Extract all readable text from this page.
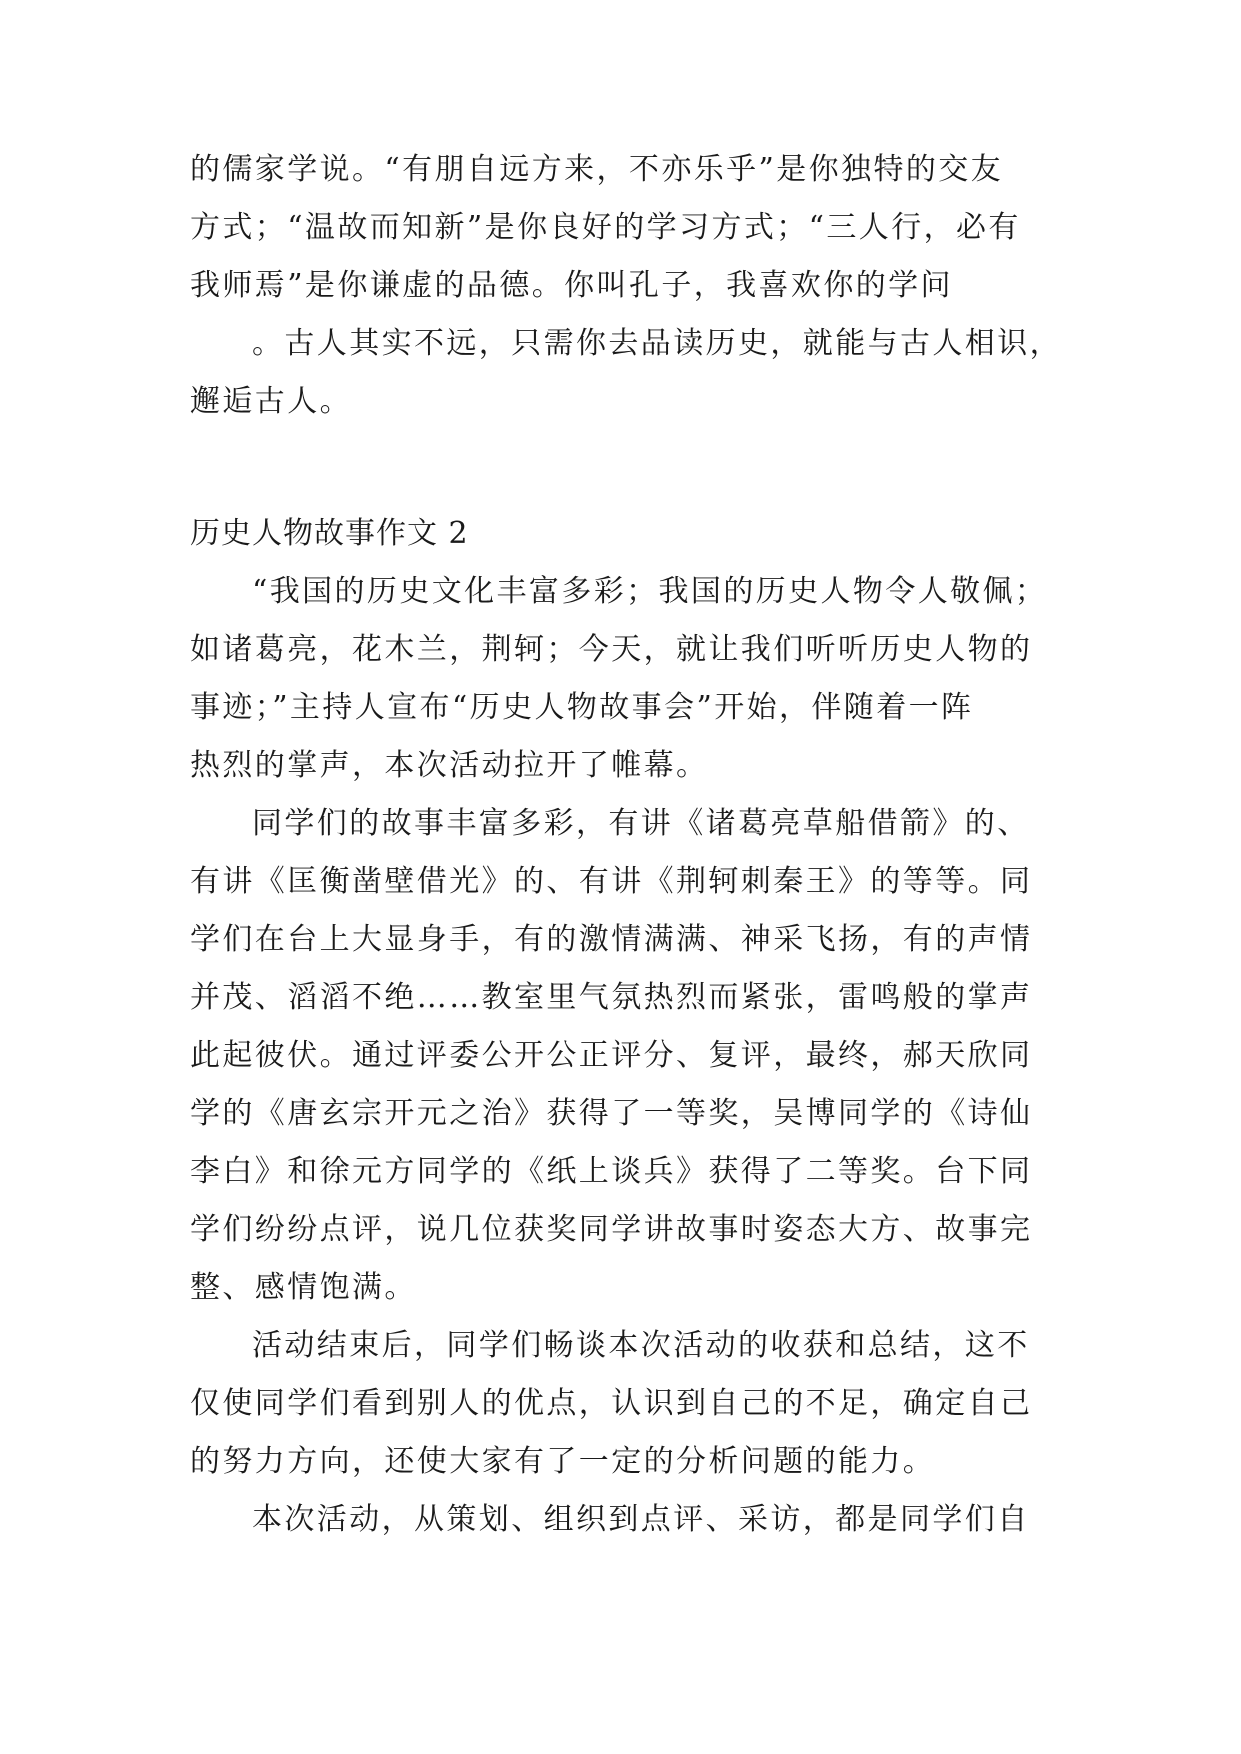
的儒家学说。“有朋自远方来，不亦乐乎”是你独特的交友
方式；“温故而知新”是你良好的学习方式；“三人行，必有
我师焉”是你谦虚的品德。你叫孔子，我喜欢你的学问
。古人其实不远，只需你去品读历史，就能与古人相识，
邂逅古人。
历史人物故事作文 2
“我国的历史文化丰富多彩；我国的历史人物令人敬佩；
如诸葛亮，花木兰，荆轲；今天，就让我们听听历史人物的
事迹；”主持人宣布“历史人物故事会”开始，伴随着一阵
热烈的掌声，本次活动拉开了帷幕。
同学们的故事丰富多彩，有讲《诸葛亮草船借箭》的、
有讲《匡衡凿壁借光》的、有讲《荆轲刺秦王》的等等。同
学们在台上大显身手，有的激情满满、神采飞扬，有的声情
并茂、滔滔不绝……教室里气氛热烈而紧张，雷鸣般的掌声
此起彼伏。通过评委公开公正评分、复评，最终，郝天欣同
学的《唐玄宗开元之治》获得了一等奖，吴博同学的《诗仙
李白》和徐元方同学的《纸上谈兵》获得了二等奖。台下同
学们纷纷点评，说几位获奖同学讲故事时姿态大方、故事完
整、感情饱满。
活动结束后，同学们畅谈本次活动的收获和总结，这不
仅使同学们看到别人的优点，认识到自己的不足，确定自己
的努力方向，还使大家有了一定的分析问题的能力。
本次活动，从策划、组织到点评、采访，都是同学们自
